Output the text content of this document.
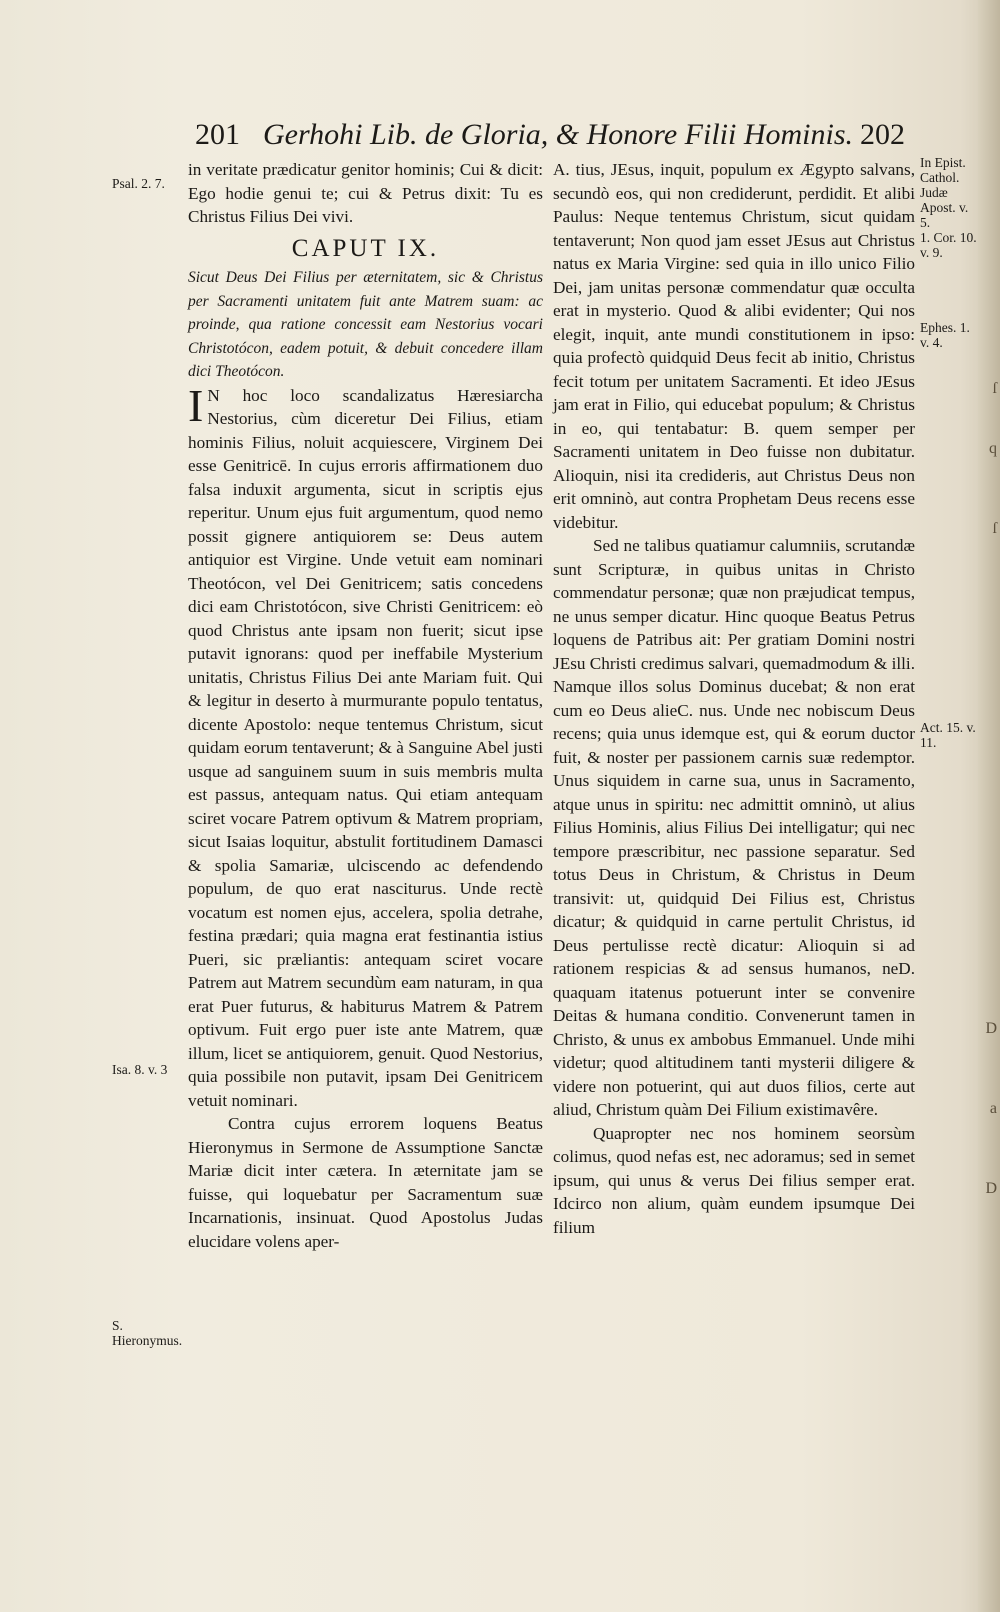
ſ
q
ſ
D
a
D
201 Gerhohi Lib. de Gloria, & Honore Filii Hominis. 202
Psal. 2. 7.
Isa. 8. v. 3
S. Hieronymus.
In Epist. Cathol. Judæ Apost. v. 5.
1. Cor. 10. v. 9.
Ephes. 1. v. 4.
Act. 15. v. 11.

in veritate prædicatur genitor hominis; Cui & dicit: Ego hodie genui te; cui & Petrus dixit: Tu es Christus Filius Dei vivi.

CAPUT IX.

Sicut Deus Dei Filius per æternitatem, sic & Christus per Sacramenti unitatem fuit ante Matrem suam: ac proinde, qua ratione concessit eam Nestorius vocari Christotócon, eadem potuit, & debuit concedere illam dici Theotócon.

I N hoc loco scandalizatus Hæresiarcha Nestorius, cùm diceretur Dei Filius, etiam hominis Filius, noluit acquiescere, Virginem Dei esse Genitricē. In cujus erroris affirmationem duo falsa induxit argumenta, sicut in scriptis ejus reperitur. Unum ejus fuit argumentum, quod nemo possit gignere antiquiorem se: Deus autem antiquior est Virgine. Unde vetuit eam nominari Theotócon, vel Dei Genitricem; satis concedens dici eam Christotócon, sive Christi Genitricem: eò quod Christus ante ipsam non fuerit; sicut ipse putavit ignorans: quod per ineffabile Mysterium unitatis, Christus Filius Dei ante Mariam fuit. Qui & legitur in deserto à murmurante populo tentatus, dicente Apostolo: neque tentemus Christum, sicut quidam eorum tentaverunt; & à Sanguine Abel justi usque ad sanguinem suum in suis membris multa est passus, antequam natus. Qui etiam antequam sciret vocare Patrem optivum & Matrem propriam, sicut Isaias loquitur, abstulit fortitudinem Damasci & spolia Samariæ, ulciscendo ac defendendo populum, de quo erat nasciturus. Unde rectè vocatum est nomen ejus, accelera, spolia detrahe, festina prædari; quia magna erat festinantia istius Pueri, sic præliantis: antequam sciret vocare Patrem aut Matrem secundùm eam naturam, in qua erat Puer futurus, & habiturus Matrem & Patrem optivum. Fuit ergo puer iste ante Matrem, quæ illum, licet se antiquiorem, genuit. Quod Nestorius, quia possibile non putavit, ipsam Dei Genitricem vetuit nominari.

Contra cujus errorem loquens Beatus Hieronymus in Sermone de Assumptione Sanctæ Mariæ dicit inter cætera. In æternitate jam se fuisse, qui loquebatur per Sacramentum suæ Incarnationis, insinuat. Quod Apostolus Judas elucidare volens aper-

A. tius, JEsus, inquit, populum ex Ægypto salvans, secundò eos, qui non crediderunt, perdidit. Et alibi Paulus: Neque tentemus Christum, sicut quidam tentaverunt; Non quod jam esset JEsus aut Christus natus ex Maria Virgine: sed quia in illo unico Filio Dei, jam unitas personæ commendatur quæ occulta erat in mysterio. Quod & alibi evidenter; Qui nos elegit, inquit, ante mundi constitutionem in ipso: quia profectò quidquid Deus fecit ab initio, Christus fecit totum per unitatem Sacramenti. Et ideo JEsus jam erat in Filio, qui educebat populum; & Christus in eo, qui tentabatur: B. quem semper per Sacramenti unitatem in Deo fuisse non dubitatur. Alioquin, nisi ita credideris, aut Christus Deus non erit omninò, aut contra Prophetam Deus recens esse videbitur.

Sed ne talibus quatiamur calumniis, scrutandæ sunt Scripturæ, in quibus unitas in Christo commendatur personæ; quæ non præjudicat tempus, ne unus semper dicatur. Hinc quoque Beatus Petrus loquens de Patribus ait: Per gratiam Domini nostri JEsu Christi credimus salvari, quemadmodum & illi. Namque illos solus Dominus ducebat; & non erat cum eo Deus alieC. nus. Unde nec nobiscum Deus recens; quia unus idemque est, qui & eorum ductor fuit, & noster per passionem carnis suæ redemptor. Unus siquidem in carne sua, unus in Sacramento, atque unus in spiritu: nec admittit omninò, ut alius Filius Hominis, alius Filius Dei intelligatur; qui nec tempore præscribitur, nec passione separatur. Sed totus Deus in Christum, & Christus in Deum transivit: ut, quidquid Dei Filius est, Christus dicatur; & quidquid in carne pertulit Christus, id Deus pertulisse rectè dicatur: Alioquin si ad rationem respicias & ad sensus humanos, neD. quaquam itatenus potuerunt inter se convenire Deitas & humana conditio. Convenerunt tamen in Christo, & unus ex ambobus Emmanuel. Unde mihi videtur; quod altitudinem tanti mysterii diligere & videre non potuerint, qui aut duos filios, certe aut aliud, Christum quàm Dei Filium existimavêre.

Quapropter nec nos hominem seorsùm colimus, quod nefas est, nec adoramus; sed in semet ipsum, qui unus & verus Dei filius semper erat. Idcirco non alium, quàm eundem ipsumque Dei filium
